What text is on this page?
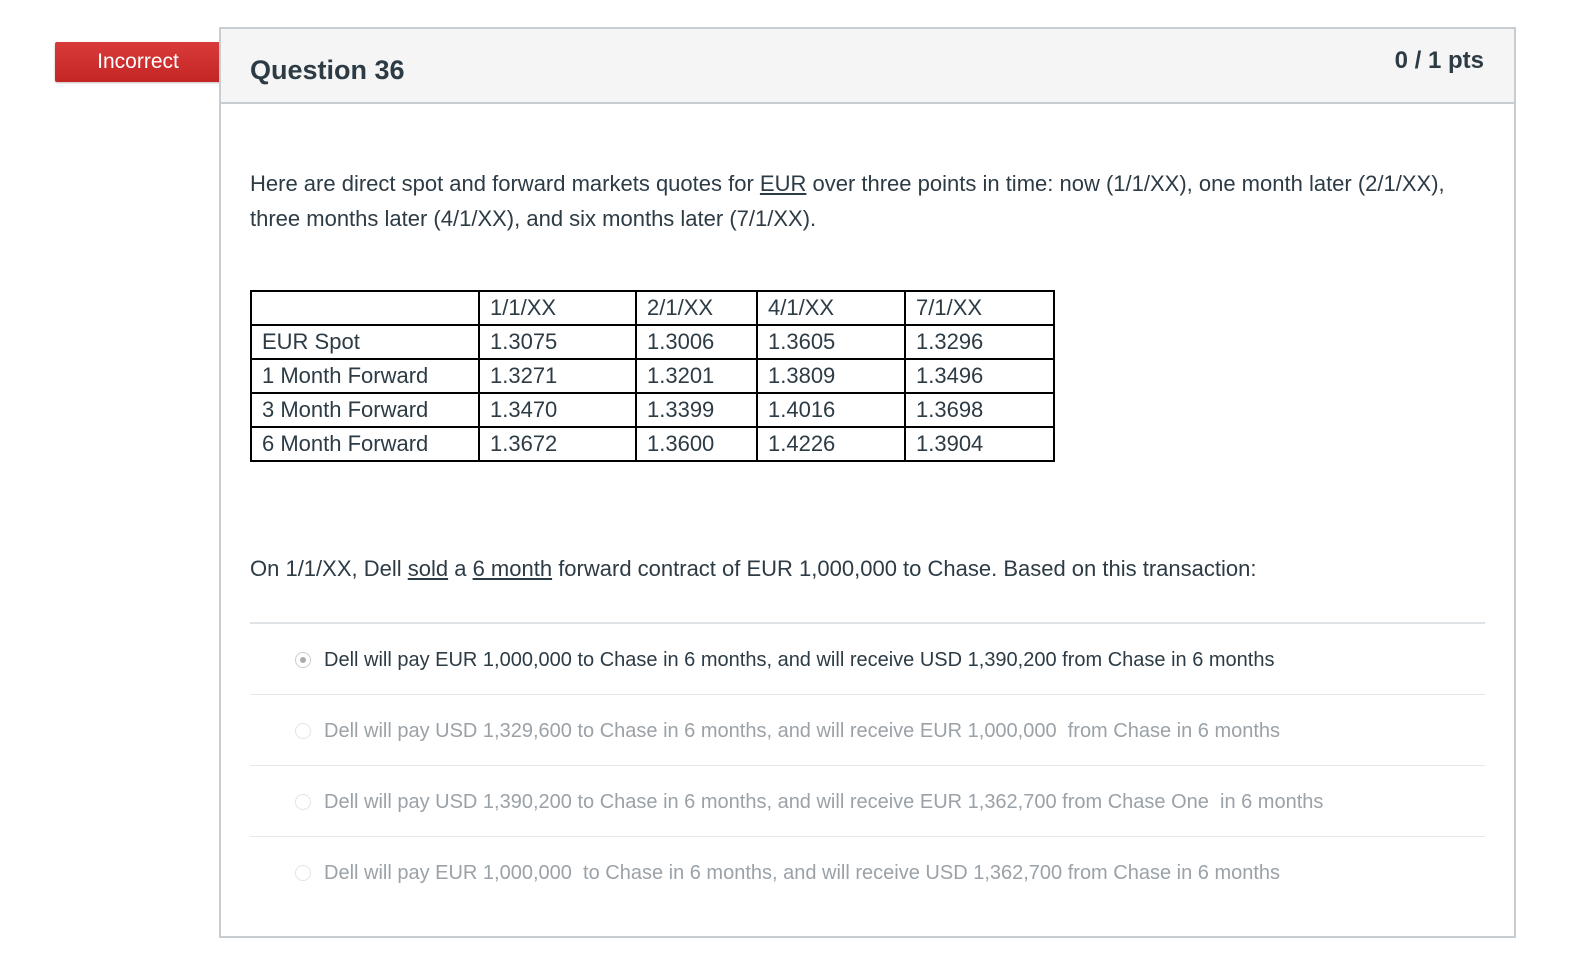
Incorrect	Question 36	0 / 1 pts
Here are direct spot and forward markets quotes for EUR over three points in time: now (1/1/XX), one month later (2/1/XX), three months later (4/1/XX), and six months later (7/1/XX).
	1/1/XX	2/1/XX	4/1/XX	7/1/XX
EUR Spot	1.3075	1.3006	1.3605	1.3296
1 Month Forward	1.3271	1.3201	1.3809	1.3496
3 Month Forward	1.3470	1.3399	1.4016	1.3698
6 Month Forward	1.3672	1.3600	1.4226	1.3904
On 1/1/XX, Dell sold a 6 month forward contract of EUR 1,000,000 to Chase. Based on this transaction:
Dell will pay EUR 1,000,000 to Chase in 6 months, and will receive USD 1,390,200 from Chase in 6 months
Dell will pay USD 1,329,600 to Chase in 6 months, and will receive EUR 1,000,000  from Chase in 6 months
Dell will pay USD 1,390,200 to Chase in 6 months, and will receive EUR 1,362,700 from Chase One  in 6 months
Dell will pay EUR 1,000,000  to Chase in 6 months, and will receive USD 1,362,700 from Chase in 6 months
